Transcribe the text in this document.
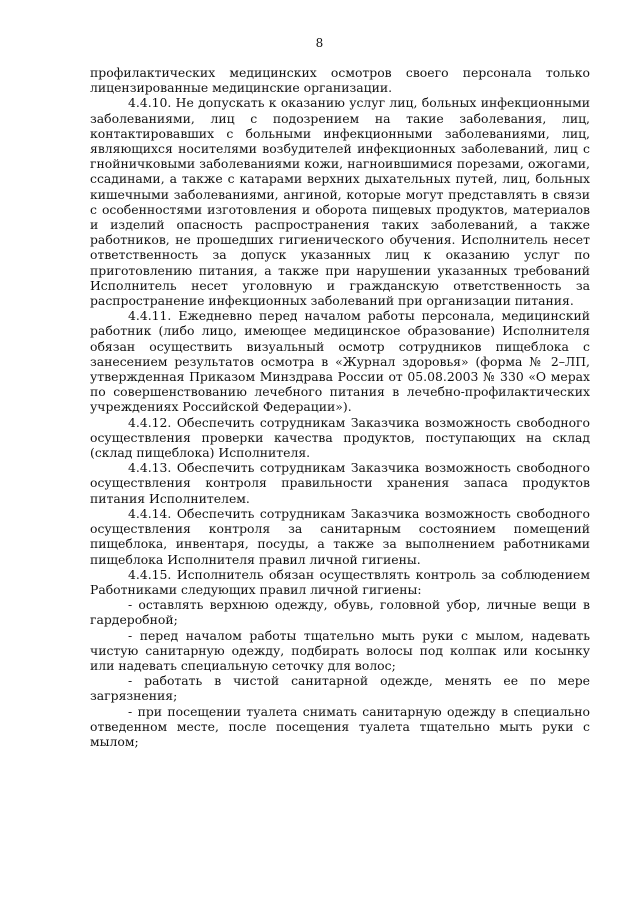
8

профилактических медицинских осмотров своего персонала только лицензированные медицинские организации.

4.4.10. Не допускать к оказанию услуг лиц, больных инфекционными заболеваниями, лиц с подозрением на такие заболевания, лиц, контактировавших с больными инфекционными заболеваниями, лиц, являющихся носителями возбудителей инфекционных заболеваний, лиц с гнойничковыми заболеваниями кожи, нагноившимися порезами, ожогами, ссадинами, а также с катарами верхних дыхательных путей, лиц, больных кишечными заболеваниями, ангиной, которые могут представлять в связи с особенностями изготовления и оборота пищевых продуктов, материалов и изделий опасность распространения таких заболеваний, а также работников, не прошедших гигиенического обучения. Исполнитель несет ответственность за допуск указанных лиц к оказанию услуг по приготовлению питания, а также при нарушении указанных требований Исполнитель несет уголовную и гражданскую ответственность за распространение инфекционных заболеваний при организации питания.

4.4.11. Ежедневно перед началом работы персонала, медицинский работник (либо лицо, имеющее медицинское образование) Исполнителя обязан осуществить визуальный осмотр сотрудников пищеблока с занесением результатов осмотра в «Журнал здоровья» (форма № 2–ЛП, утвержденная Приказом Минздрава России от 05.08.2003 № 330 «О мерах по совершенствованию лечебного питания в лечебно-профилактических учреждениях Российской Федерации»).

4.4.12. Обеспечить сотрудникам Заказчика возможность свободного осуществления проверки качества продуктов, поступающих на склад (склад пищеблока) Исполнителя.

4.4.13. Обеспечить сотрудникам Заказчика возможность свободного осуществления контроля правильности хранения запаса продуктов питания Исполнителем.

4.4.14. Обеспечить сотрудникам Заказчика возможность свободного осуществления контроля за санитарным состоянием помещений пищеблока, инвентаря, посуды, а также за выполнением работниками пищеблока Исполнителя правил личной гигиены.

4.4.15. Исполнитель обязан осуществлять контроль за соблюдением Работниками следующих правил личной гигиены:

- оставлять верхнюю одежду, обувь, головной убор, личные вещи в гардеробной;

- перед началом работы тщательно мыть руки с мылом, надевать чистую санитарную одежду, подбирать волосы под колпак или косынку или надевать специальную сеточку для волос;

- работать в чистой санитарной одежде, менять ее по мере загрязнения;

- при посещении туалета снимать санитарную одежду в специально отведенном месте, после посещения туалета тщательно мыть руки с мылом;
